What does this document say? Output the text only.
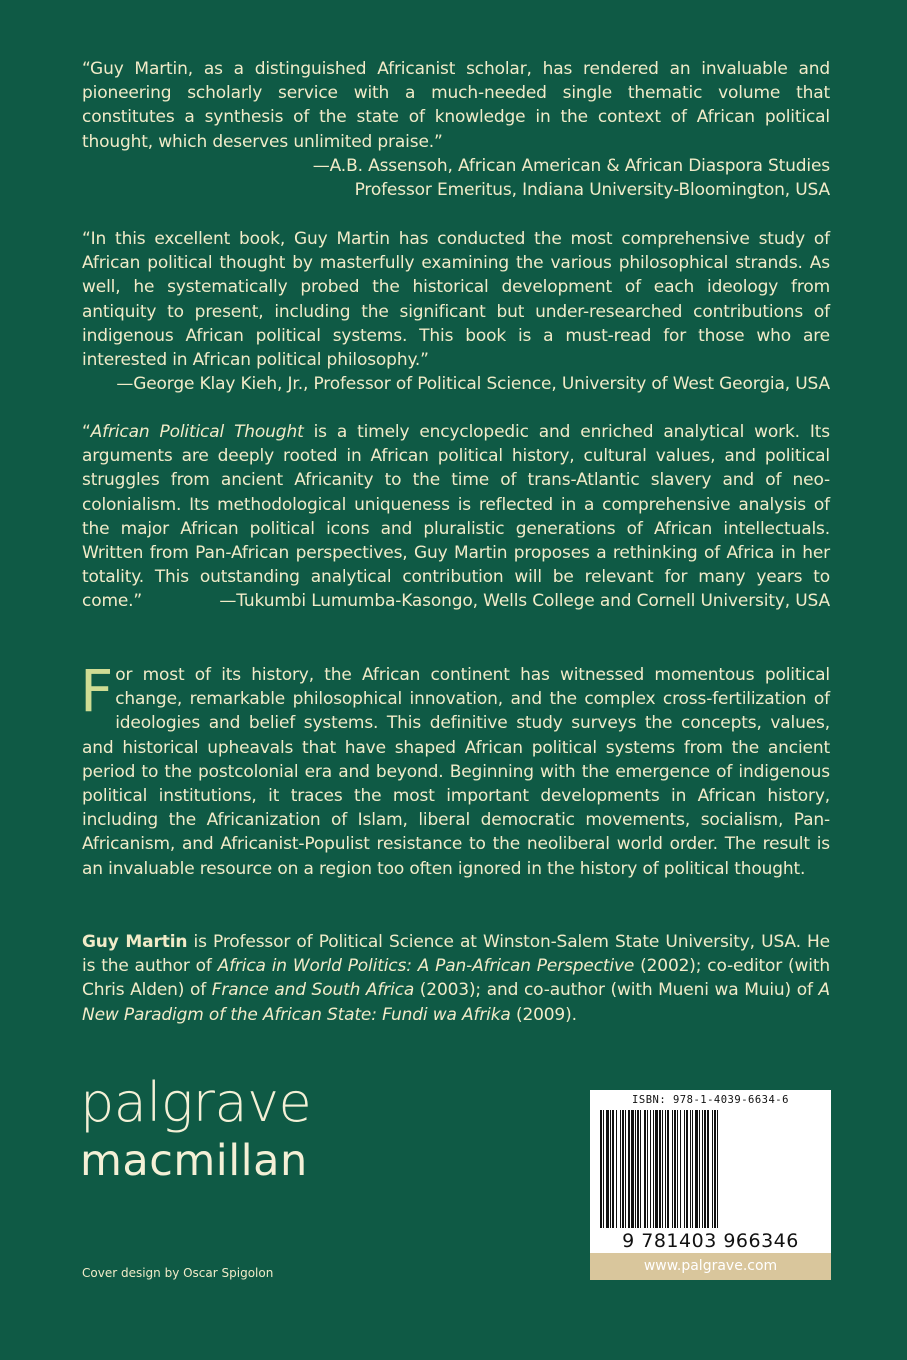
“Guy Martin, as a distinguished Africanist scholar, has rendered an invaluable and pioneering scholarly service with a much-needed single thematic volume that constitutes a synthesis of the state of knowledge in the context of African political thought, which deserves unlimited praise.”

—A.B. Assensoh, African American & African Diaspora Studies
Professor Emeritus, Indiana University-Bloomington, USA

“In this excellent book, Guy Martin has conducted the most comprehensive study of African political thought by masterfully examining the various philosophical strands. As well, he systematically probed the historical development of each ideology from antiquity to present, including the significant but under-researched contributions of indigenous African political systems. This book is a must-read for those who are interested in African political philosophy.”

—George Klay Kieh, Jr., Professor of Political Science, University of West Georgia, USA

“African Political Thought is a timely encyclopedic and enriched analytical work. Its arguments are deeply rooted in African political history, cultural values, and political struggles from ancient Africanity to the time of trans-Atlantic slavery and of neo-colonialism. Its methodological uniqueness is reflected in a comprehensive analysis of the major African political icons and pluralistic generations of African intellectuals. Written from Pan-African perspectives, Guy Martin proposes a rethinking of Africa in her totality. This outstanding analytical contribution will be relevant for many years to come.”	—Tukumbi Lumumba-Kasongo, Wells College and Cornell University, USA

For most of its history, the African continent has witnessed momentous political change, remarkable philosophical innovation, and the complex cross-fertilization of ideologies and belief systems. This definitive study surveys the concepts, values, and historical upheavals that have shaped African political systems from the ancient period to the postcolonial era and beyond. Beginning with the emergence of indigenous political institutions, it traces the most important developments in African history, including the Africanization of Islam, liberal democratic movements, socialism, Pan-Africanism, and Africanist-Populist resistance to the neoliberal world order. The result is an invaluable resource on a region too often ignored in the history of political thought.

Guy Martin is Professor of Political Science at Winston-Salem State University, USA. He is the author of Africa in World Politics: A Pan-African Perspective (2002); co-editor (with Chris Alden) of France and South Africa (2003); and co-author (with Mueni wa Muiu) of A New Paradigm of the African State: Fundi wa Afrika (2009).

palgrave
macmillan
Cover design by Oscar Spigolon
ISBN: 978-1-4039-6634-6
9 781403 966346
www.palgrave.com
